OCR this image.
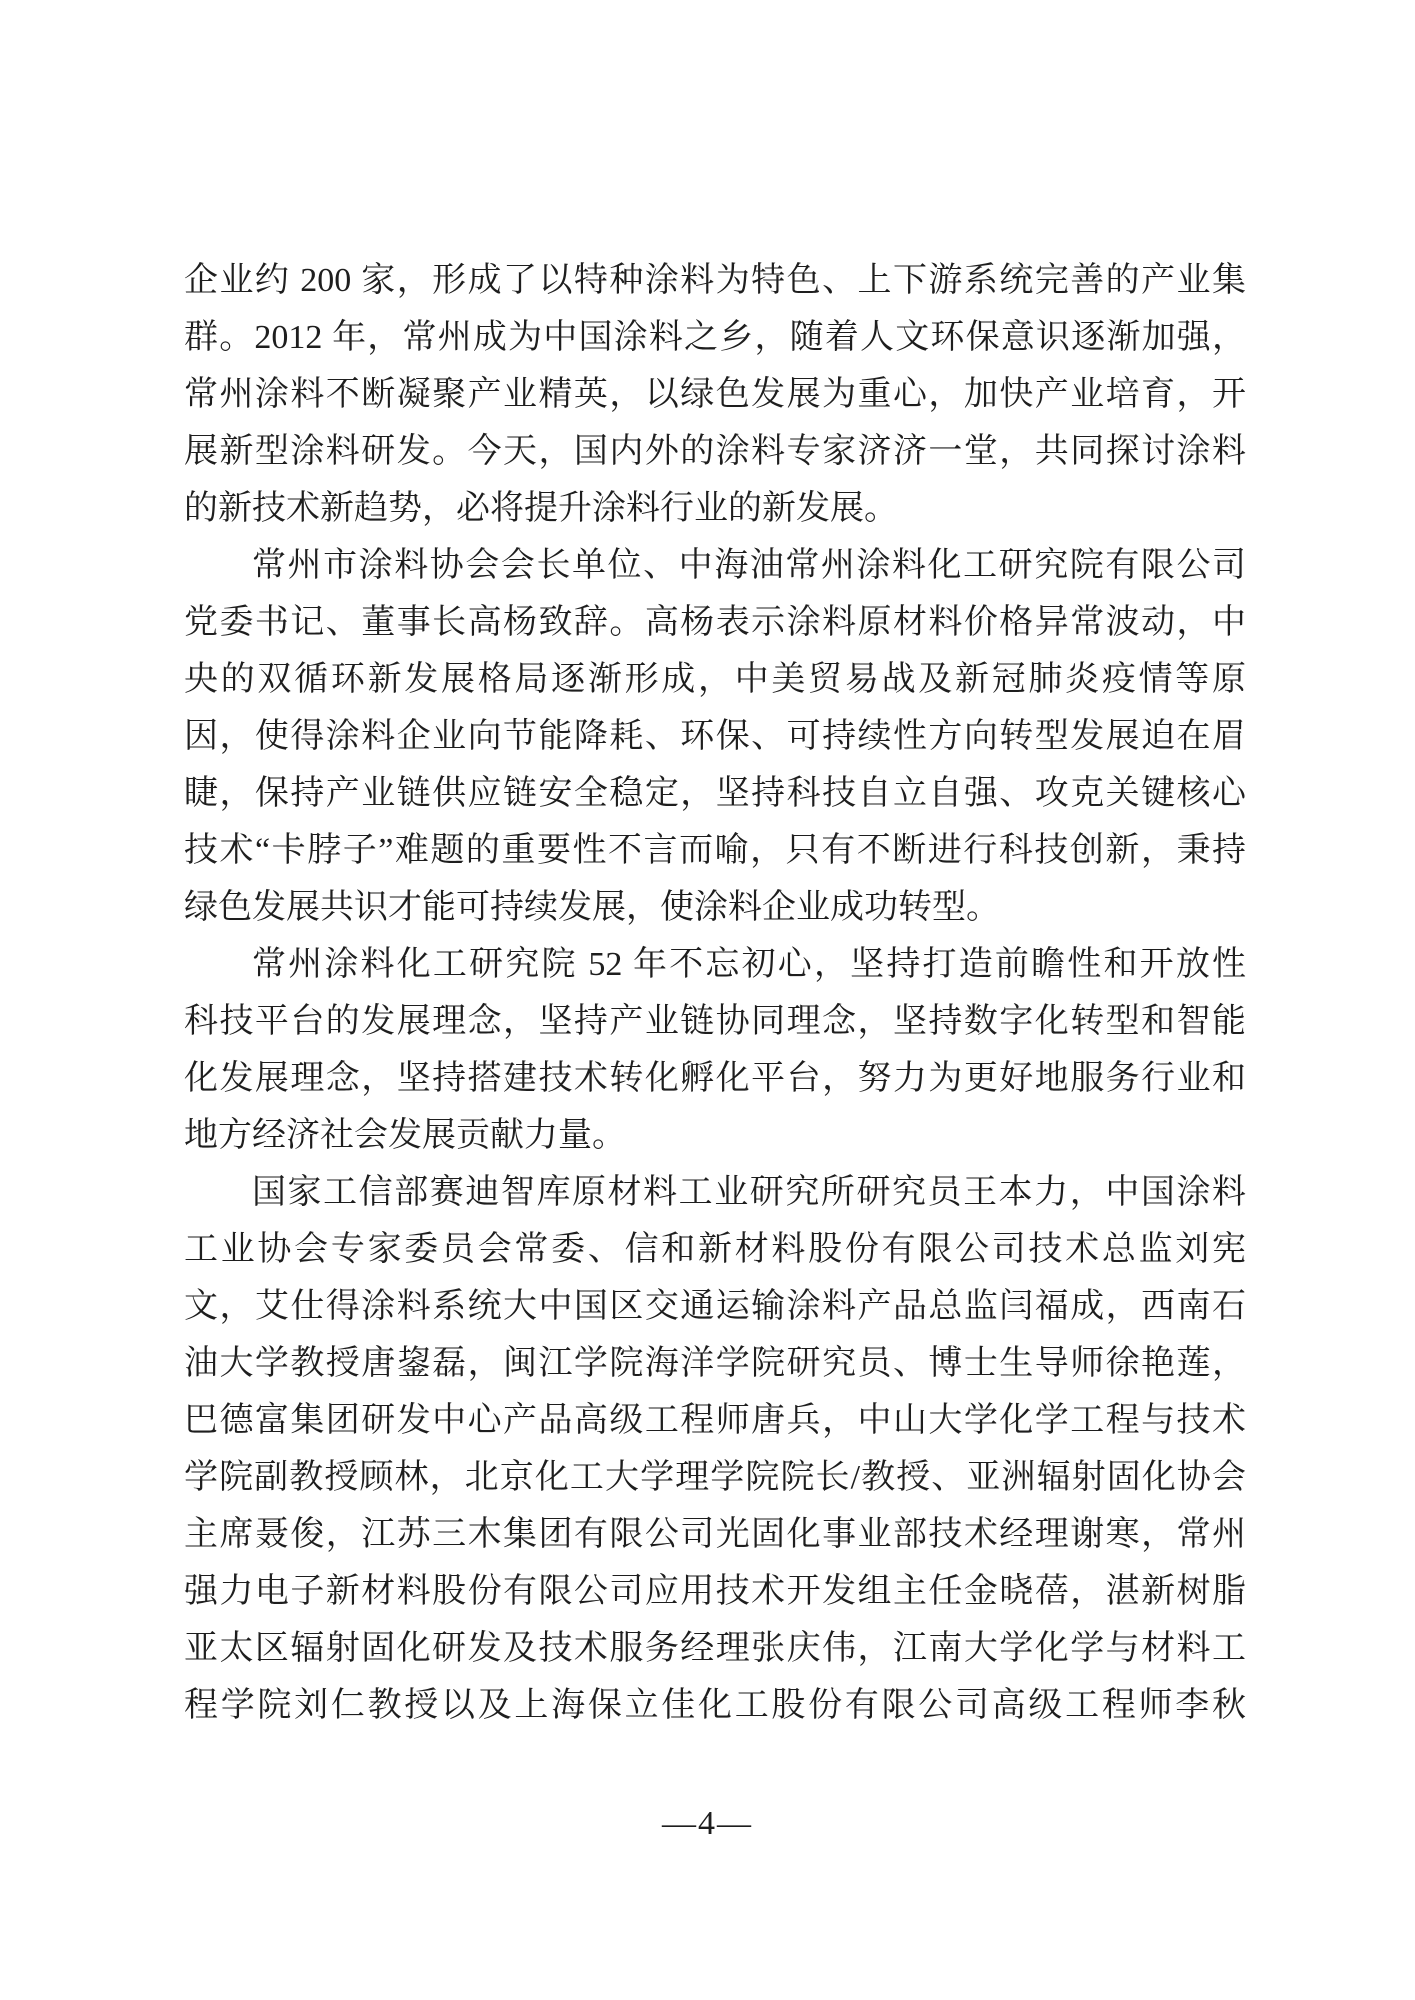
企业约 200 家，形成了以特种涂料为特色、上下游系统完善的产业集
群。2012 年，常州成为中国涂料之乡，随着人文环保意识逐渐加强，
常州涂料不断凝聚产业精英，以绿色发展为重心，加快产业培育，开
展新型涂料研发。今天，国内外的涂料专家济济一堂，共同探讨涂料
的新技术新趋势，必将提升涂料行业的新发展。
常州市涂料协会会长单位、中海油常州涂料化工研究院有限公司
党委书记、董事长高杨致辞。高杨表示涂料原材料价格异常波动，中
央的双循环新发展格局逐渐形成，中美贸易战及新冠肺炎疫情等原
因，使得涂料企业向节能降耗、环保、可持续性方向转型发展迫在眉
睫，保持产业链供应链安全稳定，坚持科技自立自强、攻克关键核心
技术“卡脖子”难题的重要性不言而喻，只有不断进行科技创新，秉持
绿色发展共识才能可持续发展，使涂料企业成功转型。
常州涂料化工研究院 52 年不忘初心，坚持打造前瞻性和开放性
科技平台的发展理念，坚持产业链协同理念，坚持数字化转型和智能
化发展理念，坚持搭建技术转化孵化平台，努力为更好地服务行业和
地方经济社会发展贡献力量。
国家工信部赛迪智库原材料工业研究所研究员王本力，中国涂料
工业协会专家委员会常委、信和新材料股份有限公司技术总监刘宪
文，艾仕得涂料系统大中国区交通运输涂料产品总监闫福成，西南石
油大学教授唐鋆磊，闽江学院海洋学院研究员、博士生导师徐艳莲，
巴德富集团研发中心产品高级工程师唐兵，中山大学化学工程与技术
学院副教授顾林，北京化工大学理学院院长/教授、亚洲辐射固化协会
主席聂俊，江苏三木集团有限公司光固化事业部技术经理谢寒，常州
强力电子新材料股份有限公司应用技术开发组主任金晓蓓，湛新树脂
亚太区辐射固化研发及技术服务经理张庆伟，江南大学化学与材料工
程学院刘仁教授以及上海保立佳化工股份有限公司高级工程师李秋
—4—
